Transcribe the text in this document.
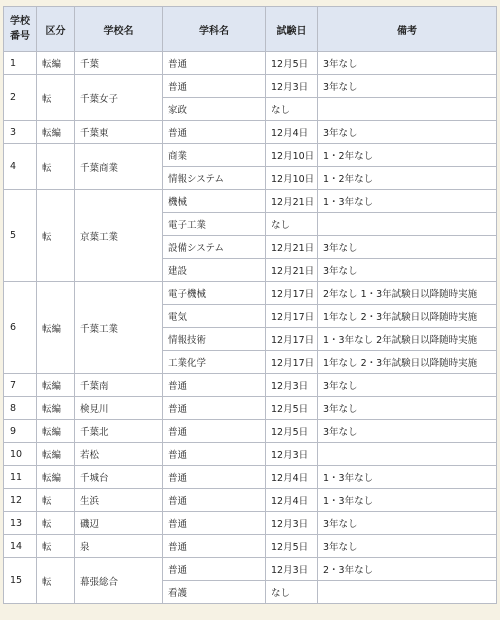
学校
番号	区分	学校名	学科名	試験日	備考
1	転編	千葉	普通	12月5日	3年なし
2	転	千葉女子	普通	12月3日	3年なし
			家政	なし	
3	転編	千葉東	普通	12月4日	3年なし
4	転	千葉商業	商業	12月10日	1・2年なし
			情報システム	12月10日	1・2年なし
5	転	京葉工業	機械	12月21日	1・3年なし
			電子工業	なし	
			設備システム	12月21日	3年なし
			建設	12月21日	3年なし
6	転編	千葉工業	電子機械	12月17日	2年なし 1・3年試験日以降随時実施
			電気	12月17日	1年なし 2・3年試験日以降随時実施
			情報技術	12月17日	1・3年なし 2年試験日以降随時実施
			工業化学	12月17日	1年なし 2・3年試験日以降随時実施
7	転編	千葉南	普通	12月3日	3年なし
8	転編	検見川	普通	12月5日	3年なし
9	転編	千葉北	普通	12月5日	3年なし
10	転編	若松	普通	12月3日	
11	転編	千城台	普通	12月4日	1・3年なし
12	転	生浜	普通	12月4日	1・3年なし
13	転	磯辺	普通	12月3日	3年なし
14	転	泉	普通	12月5日	3年なし
15	転	幕張総合	普通	12月3日	2・3年なし
			看護	なし	
